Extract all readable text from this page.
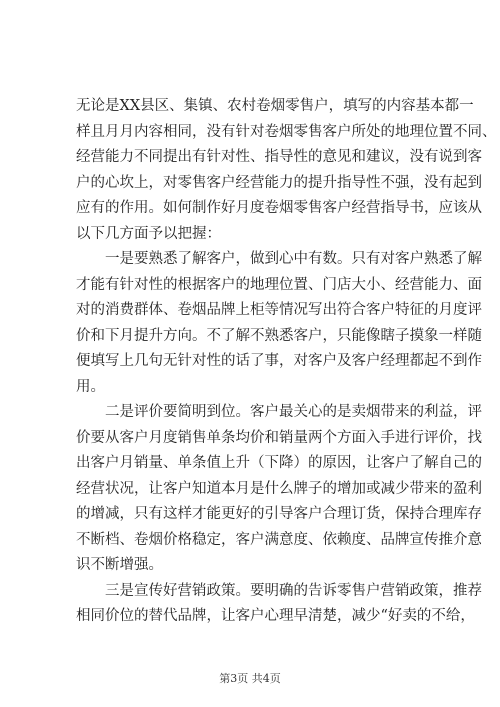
无论是XX县区、集镇、农村卷烟零售户，填写的内容基本都一
样且月月内容相同，没有针对卷烟零售客户所处的地理位置不同、
经营能力不同提出有针对性、指导性的意见和建议，没有说到客
户的心坎上，对零售客户经营能力的提升指导性不强，没有起到
应有的作用。如何制作好月度卷烟零售客户经营指导书，应该从
以下几方面予以把握：
一是要熟悉了解客户，做到心中有数。只有对客户熟悉了解
才能有针对性的根据客户的地理位置、门店大小、经营能力、面
对的消费群体、卷烟品牌上柜等情况写出符合客户特征的月度评
价和下月提升方向。不了解不熟悉客户，只能像瞎子摸象一样随
便填写上几句无针对性的话了事，对客户及客户经理都起不到作
用。
二是评价要简明到位。客户最关心的是卖烟带来的利益，评
价要从客户月度销售单条均价和销量两个方面入手进行评价，找
出客户月销量、单条值上升（下降）的原因，让客户了解自己的
经营状况，让客户知道本月是什么牌子的增加或减少带来的盈利
的增减，只有这样才能更好的引导客户合理订货，保持合理库存
不断档、卷烟价格稳定，客户满意度、依赖度、品牌宣传推介意
识不断增强。
三是宣传好营销政策。要明确的告诉零售户营销政策，推荐
相同价位的替代品牌，让客户心理早清楚，减少“好卖的不给，
第3页 共4页
